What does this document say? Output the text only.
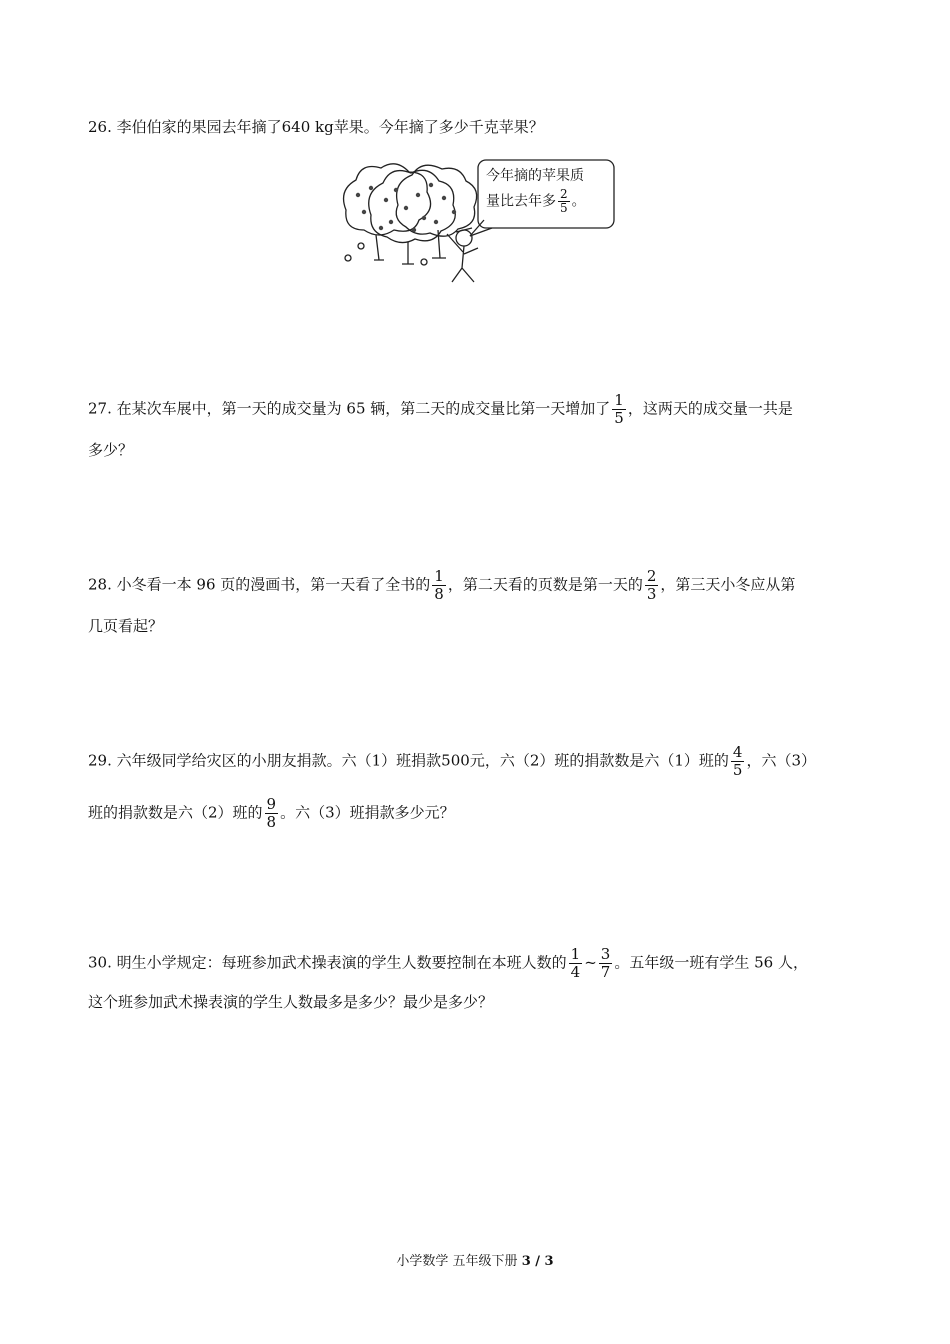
26. 李伯伯家的果园去年摘了640 kg苹果。今年摘了多少千克苹果？
今年摘的苹果质
量比去年多 $\frac{2}{5}$ 。
27. 在某次车展中，第一天的成交量为 65 辆，第二天的成交量比第一天增加了 $\frac{1}{5}$ ，这两天的成交量一共是
多少？
28. 小冬看一本 96 页的漫画书，第一天看了全书的 $\frac{1}{8}$ ，第二天看的页数是第一天的 $\frac{2}{3}$ ，第三天小冬应从第
几页看起？
29. 六年级同学给灾区的小朋友捐款。六（1）班捐款500元，六（2）班的捐款数是六（1）班的 $\frac{4}{5}$ ，六（3）
班的捐款数是六（2）班的 $\frac{9}{8}$ 。六（3）班捐款多少元？
30. 明生小学规定：每班参加武术操表演的学生人数要控制在本班人数的 $\frac{1}{4}$ ~ $\frac{3}{7}$ 。五年级一班有学生 56 人，
这个班参加武术操表演的学生人数最多是多少？最少是多少？
小学数学 五年级下册 3 / 3
